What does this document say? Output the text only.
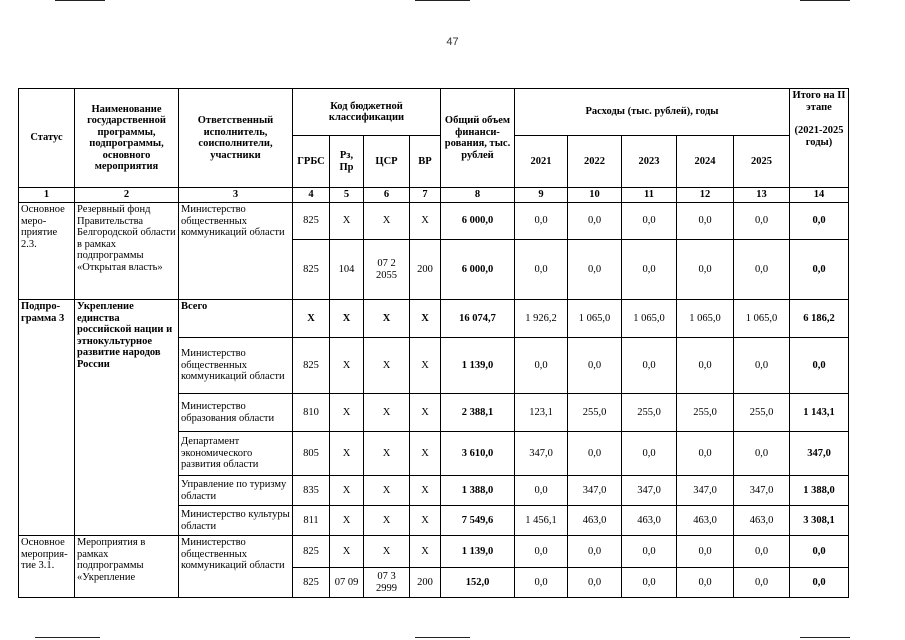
47
Статус	Наименование государственной программы, подпрограммы, основного мероприятия	Ответственный исполнитель, соисполнители, участники	Код бюджетной классификации				Общий объем финанси-рования, тыс. рублей	Расходы (тыс. рублей), годы					Итого на II этапе
(2021-2025 годы)

			ГРБС	Рз, Пр	ЦСР	ВР		2021	2022	2023	2024	2025	
1	2	3	4	5	6	7	8	9	10	11	12	13	14
Основное меро-приятие 2.3.	Резервный фонд Правительства Белгородской области в рамках подпрограммы «Открытая власть»	Министерство общественных коммуникаций области	825	Х	Х	Х	6 000,0	0,0	0,0	0,0	0,0	0,0	0,0
			825	104	07 2 2055	200	6 000,0	0,0	0,0	0,0	0,0	0,0	0,0
Подпро-грамма 3	Укрепление единства российской нации и этнокультурное развитие народов России	Всего	Х	Х	Х	Х	16 074,7	1 926,2	1 065,0	1 065,0	1 065,0	1 065,0	6 186,2
		Министерство общественных коммуникаций области	825	Х	Х	Х	1 139,0	0,0	0,0	0,0	0,0	0,0	0,0
		Министерство образования области	810	Х	Х	Х	2 388,1	123,1	255,0	255,0	255,0	255,0	1 143,1
		Департамент экономического развития области	805	Х	Х	Х	3 610,0	347,0	0,0	0,0	0,0	0,0	347,0
		Управление по туризму области	835	Х	Х	Х	1 388,0	0,0	347,0	347,0	347,0	347,0	1 388,0
		Министерство культуры области	811	Х	Х	Х	7 549,6	1 456,1	463,0	463,0	463,0	463,0	3 308,1
Основное мероприя-тие 3.1.	Мероприятия в рамках подпрограммы «Укрепление	Министерство общественных коммуникаций области	825	Х	Х	Х	1 139,0	0,0	0,0	0,0	0,0	0,0	0,0
			825	07 09	07 3 2999	200	152,0	0,0	0,0	0,0	0,0	0,0	0,0
